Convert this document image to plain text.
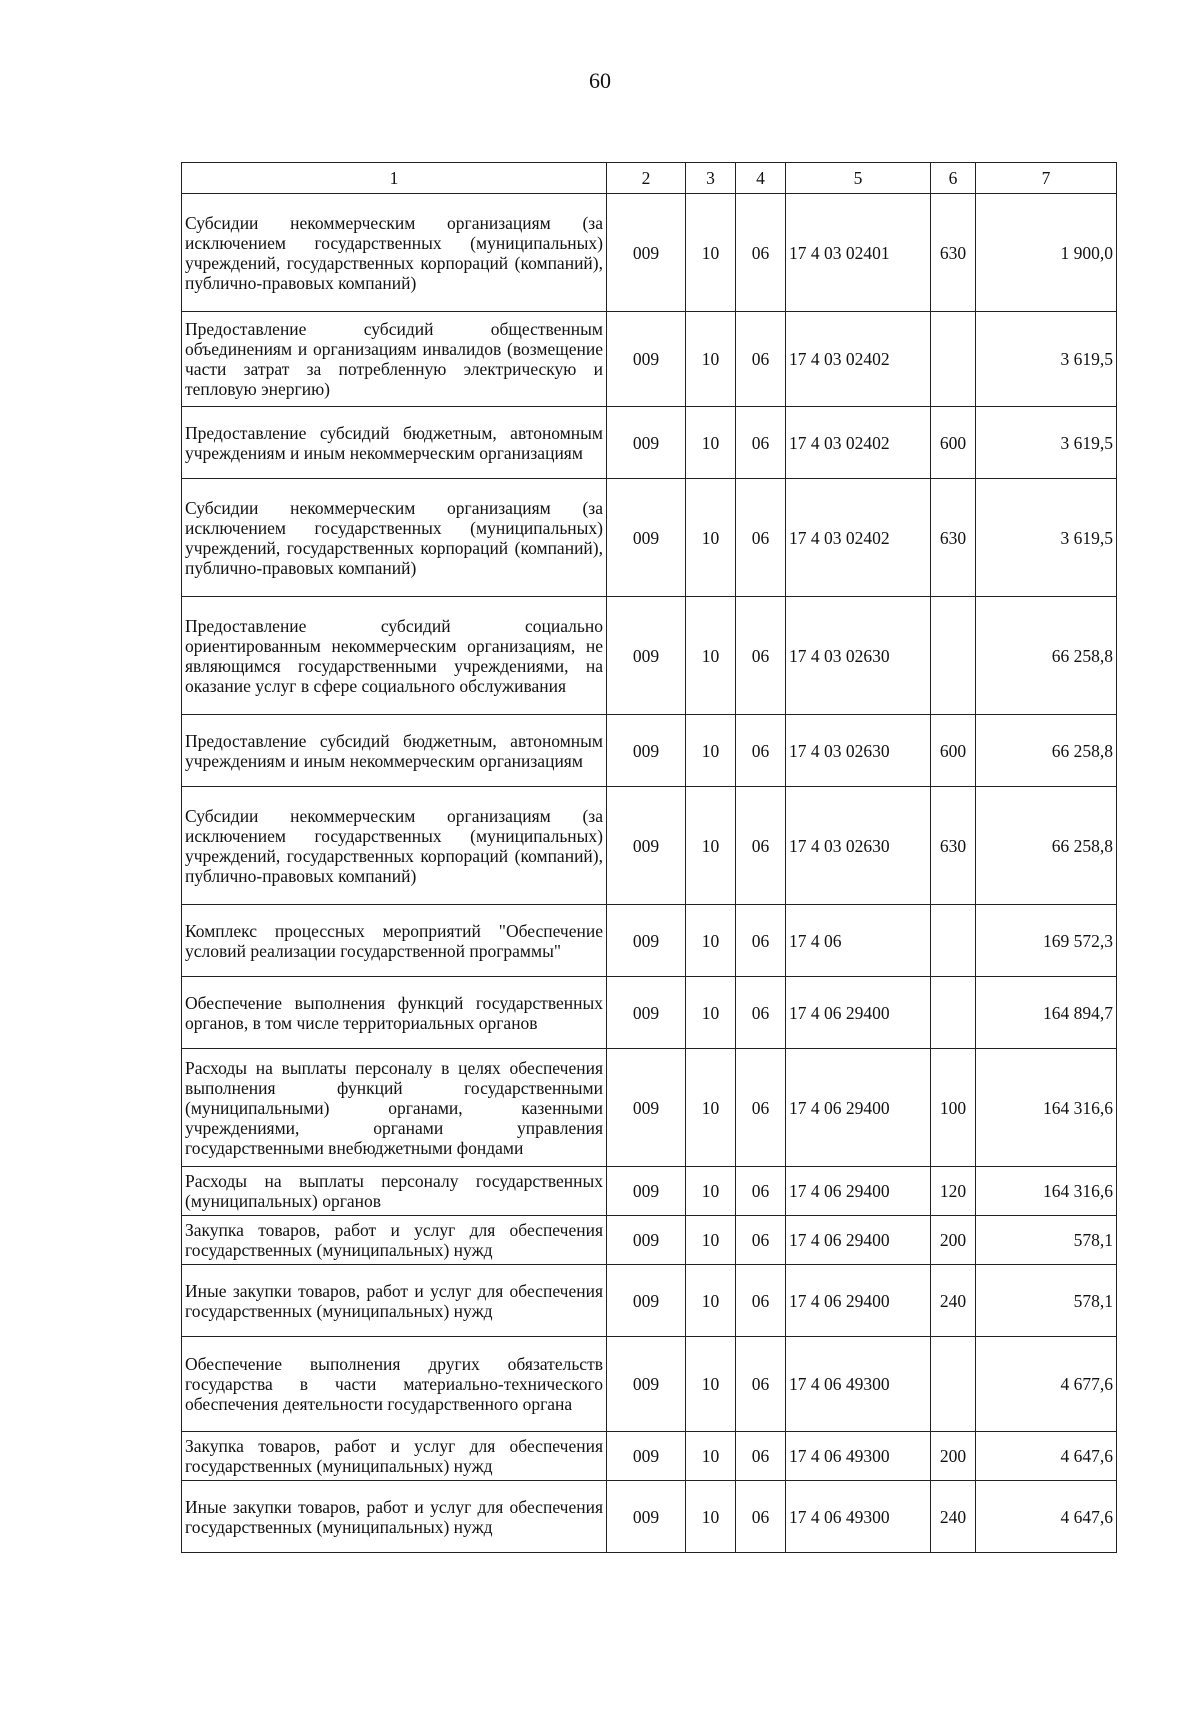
60
1	2	3	4	5	6	7
Субсидии некоммерческим организациям (за исключением государственных (муниципальных) учреждений, государственных корпораций (компаний), публично-правовых компаний)	009	10	06	17 4 03 02401	630	1 900,0
Предоставление субсидий общественным объединениям и организациям инвалидов (возмещение части затрат за потребленную электрическую и тепловую энергию)	009	10	06	17 4 03 02402		3 619,5
Предоставление субсидий бюджетным, автономным учреждениям и иным некоммерческим организациям	009	10	06	17 4 03 02402	600	3 619,5
Субсидии некоммерческим организациям (за исключением государственных (муниципальных) учреждений, государственных корпораций (компаний), публично-правовых компаний)	009	10	06	17 4 03 02402	630	3 619,5
Предоставление субсидий социально ориентированным некоммерческим организациям, не являющимся государственными учреждениями, на оказание услуг в сфере социального обслуживания	009	10	06	17 4 03 02630		66 258,8
Предоставление субсидий бюджетным, автономным учреждениям и иным некоммерческим организациям	009	10	06	17 4 03 02630	600	66 258,8
Субсидии некоммерческим организациям (за исключением государственных (муниципальных) учреждений, государственных корпораций (компаний), публично-правовых компаний)	009	10	06	17 4 03 02630	630	66 258,8
Комплекс процессных мероприятий "Обеспечение условий реализации государственной программы"	009	10	06	17 4 06		169 572,3
Обеспечение выполнения функций государственных органов, в том числе территориальных органов	009	10	06	17 4 06 29400		164 894,7
Расходы на выплаты персоналу в целях обеспечения выполнения функций государственными (муниципальными) органами, казенными учреждениями, органами управления государственными внебюджетными фондами	009	10	06	17 4 06 29400	100	164 316,6
Расходы на выплаты персоналу государственных (муниципальных) органов	009	10	06	17 4 06 29400	120	164 316,6
Закупка товаров, работ и услуг для обеспечения государственных (муниципальных) нужд	009	10	06	17 4 06 29400	200	578,1
Иные закупки товаров, работ и услуг для обеспечения государственных (муниципальных) нужд	009	10	06	17 4 06 29400	240	578,1
Обеспечение выполнения других обязательств государства в части материально-технического обеспечения деятельности государственного органа	009	10	06	17 4 06 49300		4 677,6
Закупка товаров, работ и услуг для обеспечения государственных (муниципальных) нужд	009	10	06	17 4 06 49300	200	4 647,6
Иные закупки товаров, работ и услуг для обеспечения государственных (муниципальных) нужд	009	10	06	17 4 06 49300	240	4 647,6
